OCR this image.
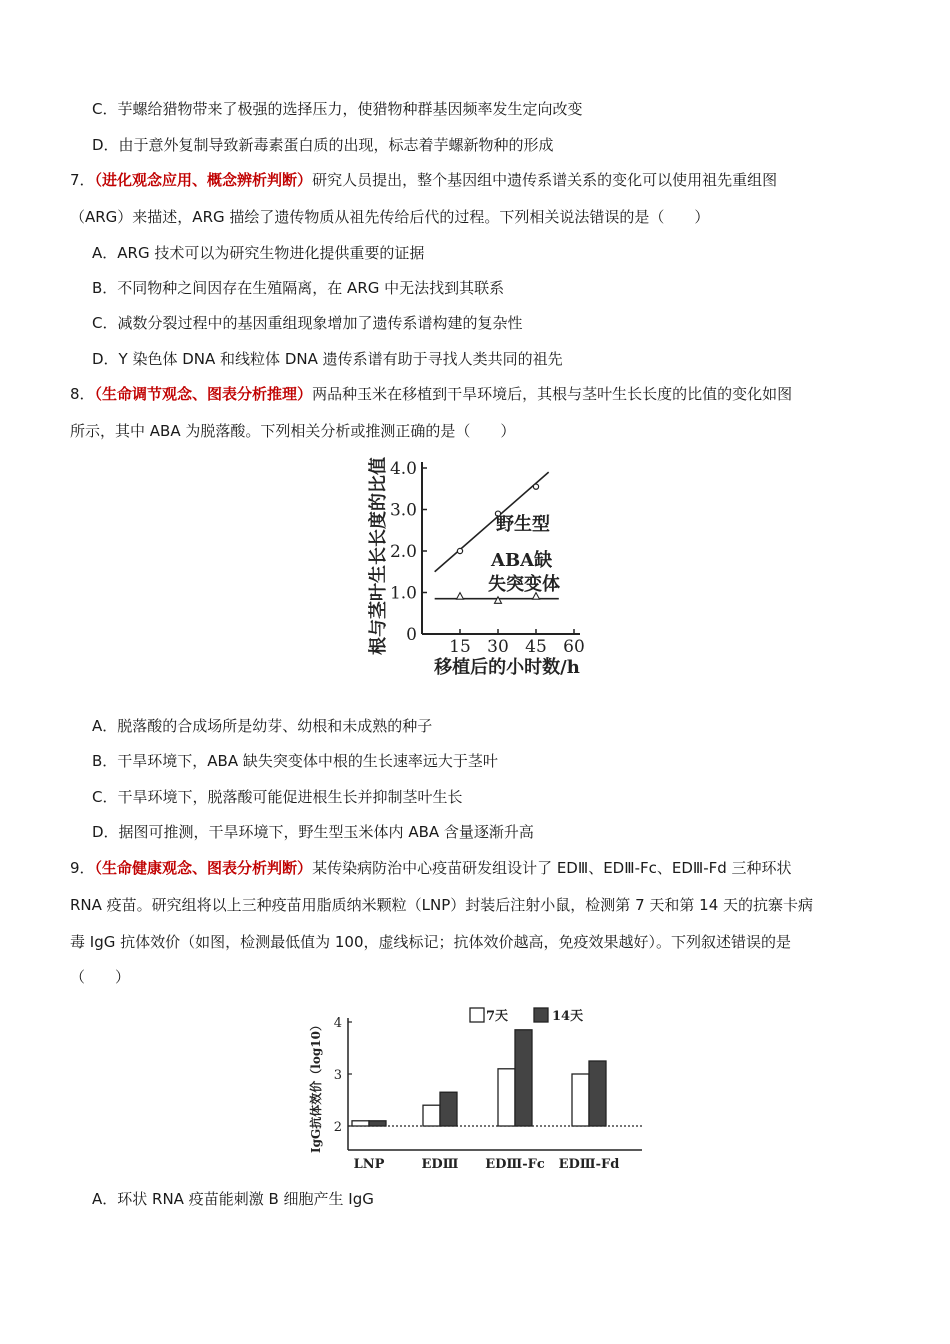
C．芋螺给猎物带来了极强的选择压力，使猎物种群基因频率发生定向改变
D．由于意外复制导致新毒素蛋白质的出现，标志着芋螺新物种的形成
7．（进化观念应用、概念辨析判断）研究人员提出，整个基因组中遗传系谱关系的变化可以使用祖先重组图
（ARG）来描述，ARG 描绘了遗传物质从祖先传给后代的过程。下列相关说法错误的是（　　）
A．ARG 技术可以为研究生物进化提供重要的证据
B．不同物种之间因存在生殖隔离，在 ARG 中无法找到其联系
C．减数分裂过程中的基因重组现象增加了遗传系谱构建的复杂性
D．Y 染色体 DNA 和线粒体 DNA 遗传系谱有助于寻找人类共同的祖先
8．（生命调节观念、图表分析推理）两品种玉米在移植到干旱环境后，其根与茎叶生长长度的比值的变化如图
所示，其中 ABA 为脱落酸。下列相关分析或推测正确的是（　　）
0
1.0
2.0
3.0
4.0
15 30 45 60
根与茎叶生长长度的比值
移植后的小时数/h
野生型
ABA缺
失突变体
A．脱落酸的合成场所是幼芽、幼根和未成熟的种子
B．干旱环境下，ABA 缺失突变体中根的生长速率远大于茎叶
C．干旱环境下，脱落酸可能促进根生长并抑制茎叶生长
D．据图可推测，干旱环境下，野生型玉米体内 ABA 含量逐渐升高
9．（生命健康观念、图表分析判断）某传染病防治中心疫苗研发组设计了 EDⅢ、EDⅢ-Fc、EDⅢ-Fd 三种环状
RNA 疫苗。研究组将以上三种疫苗用脂质纳米颗粒（LNP）封装后注射小鼠，检测第 7 天和第 14 天的抗寨卡病
毒 IgG 抗体效价（如图，检测最低值为 100，虚线标记；抗体效价越高，免疫效果越好）。下列叙述错误的是
（　　）
2
3
4
LNP	EDⅢ EDⅢ-Fc EDⅢ-Fd
IgG抗体效价（log10）
7天	14天
A．环状 RNA 疫苗能刺激 B 细胞产生 IgG
